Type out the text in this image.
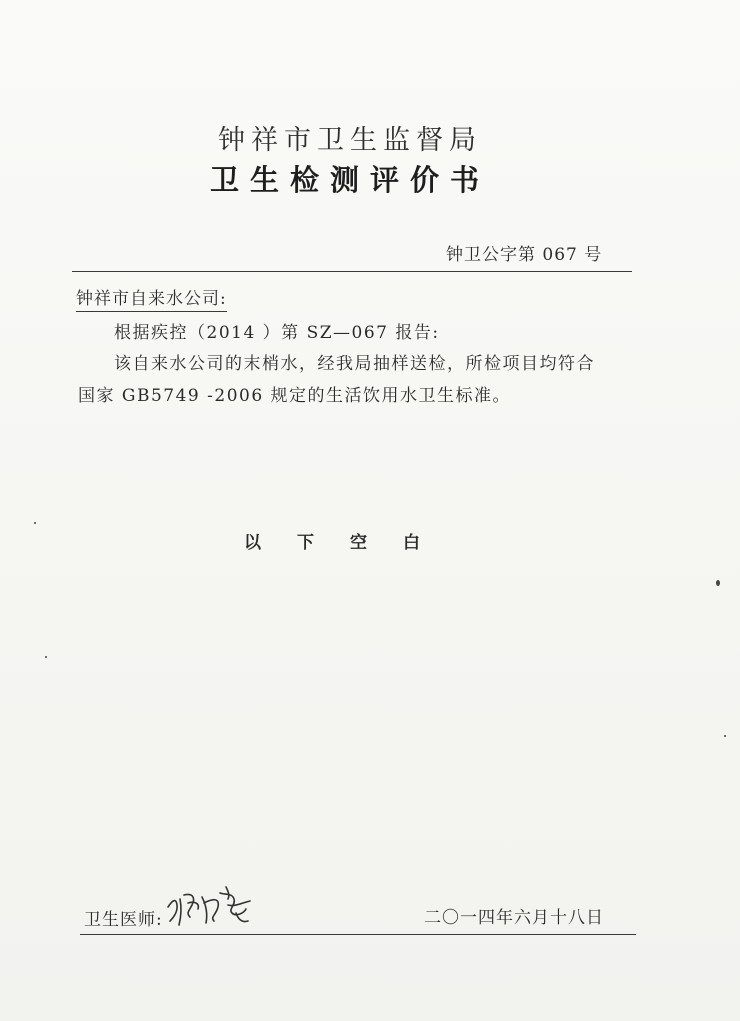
钟祥市卫生监督局
卫生检测评价书
钟卫公字第 067 号
钟祥市自来水公司:
根据疾控（2014 ）第 SZ—067 报告:
该自来水公司的末梢水，经我局抽样送检，所检项目均符合
国家 GB5749 -2006 规定的生活饮用水卫生标准。
以下空白
卫生医师:	二〇一四年六月十八日
